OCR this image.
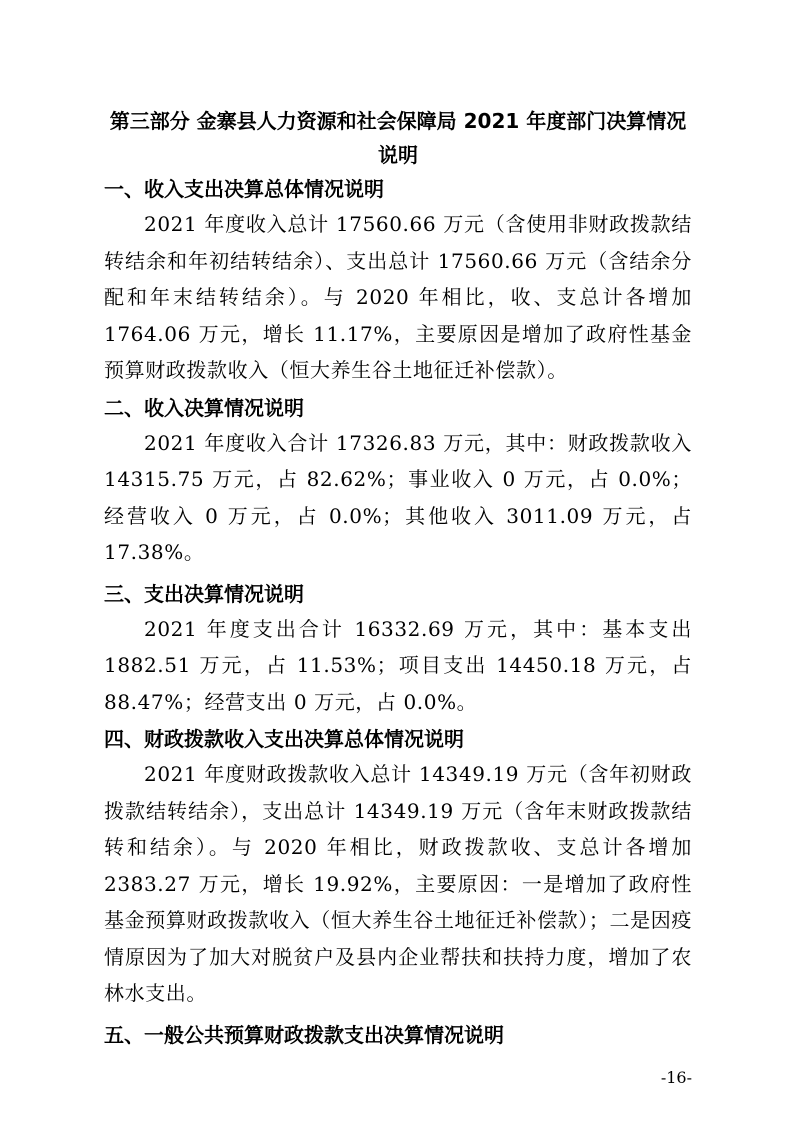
第三部分 金寨县人力资源和社会保障局 2021 年度部门决算情况
说明
一、收入支出决算总体情况说明

2021 年度收入总计 17560.66 万元（含使用非财政拨款结转结余和年初结转结余）、支出总计 17560.66 万元（含结余分配和年末结转结余）。与 2020 年相比，收、支总计各增加 1764.06 万元，增长 11.17%，主要原因是增加了政府性基金预算财政拨款收入（恒大养生谷土地征迁补偿款）。

二、收入决算情况说明

2021 年度收入合计 17326.83 万元，其中：财政拨款收入 14315.75 万元，占 82.62%；事业收入 0 万元，占 0.0%；经营收入 0 万元，占 0.0%；其他收入 3011.09 万元，占 17.38%。

三、支出决算情况说明

2021 年度支出合计 16332.69 万元，其中：基本支出 1882.51 万元，占 11.53%；项目支出 14450.18 万元，占 88.47%；经营支出 0 万元，占 0.0%。

四、财政拨款收入支出决算总体情况说明

2021 年度财政拨款收入总计 14349.19 万元（含年初财政拨款结转结余），支出总计 14349.19 万元（含年末财政拨款结转和结余）。与 2020 年相比，财政拨款收、支总计各增加 2383.27 万元，增长 19.92%，主要原因：一是增加了政府性基金预算财政拨款收入（恒大养生谷土地征迁补偿款）；二是因疫情原因为了加大对脱贫户及县内企业帮扶和扶持力度，增加了农林水支出。

五、一般公共预算财政拨款支出决算情况说明
-16-
